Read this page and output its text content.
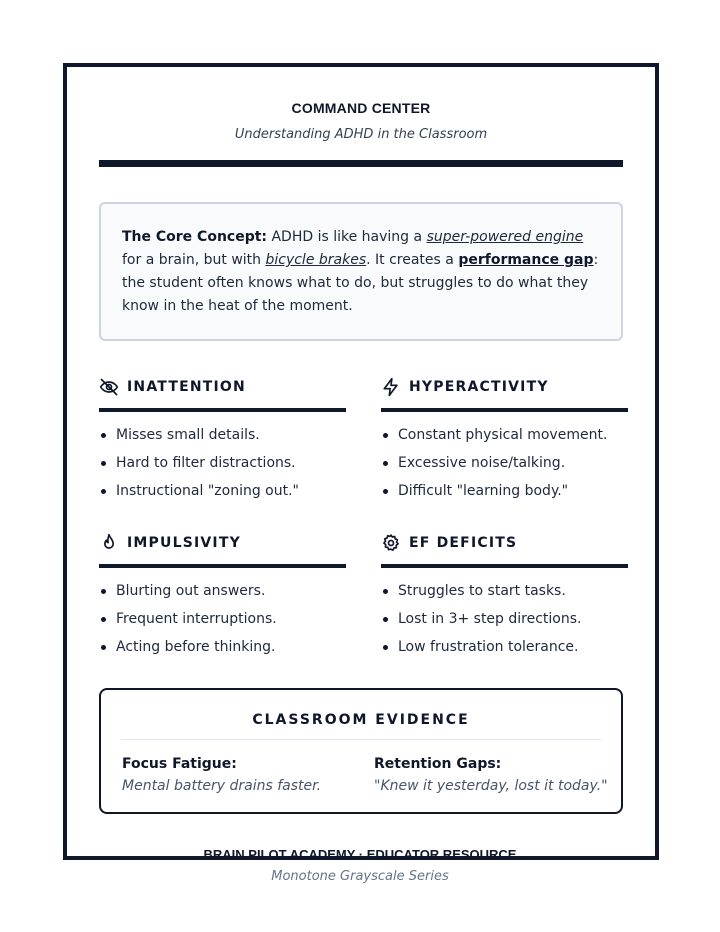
COMMAND CENTER
Understanding ADHD in the Classroom
The Core Concept: ADHD is like having a super-powered engine for a brain, but with bicycle brakes. It creates a performance gap: the student often knows what to do, but struggles to do what they know in the heat of the moment.
INATTENTION
Misses small details.
Hard to filter distractions.
Instructional "zoning out."
HYPERACTIVITY
Constant physical movement.
Excessive noise/talking.
Difficult "learning body."
IMPULSIVITY
Blurting out answers.
Frequent interruptions.
Acting before thinking.
EF DEFICITS
Struggles to start tasks.
Lost in 3+ step directions.
Low frustration tolerance.
CLASSROOM EVIDENCE
Focus Fatigue:
Mental battery drains faster.
Retention Gaps:
"Knew it yesterday, lost it today."
BRAIN PILOT ACADEMY · EDUCATOR RESOURCE
Monotone Grayscale Series
